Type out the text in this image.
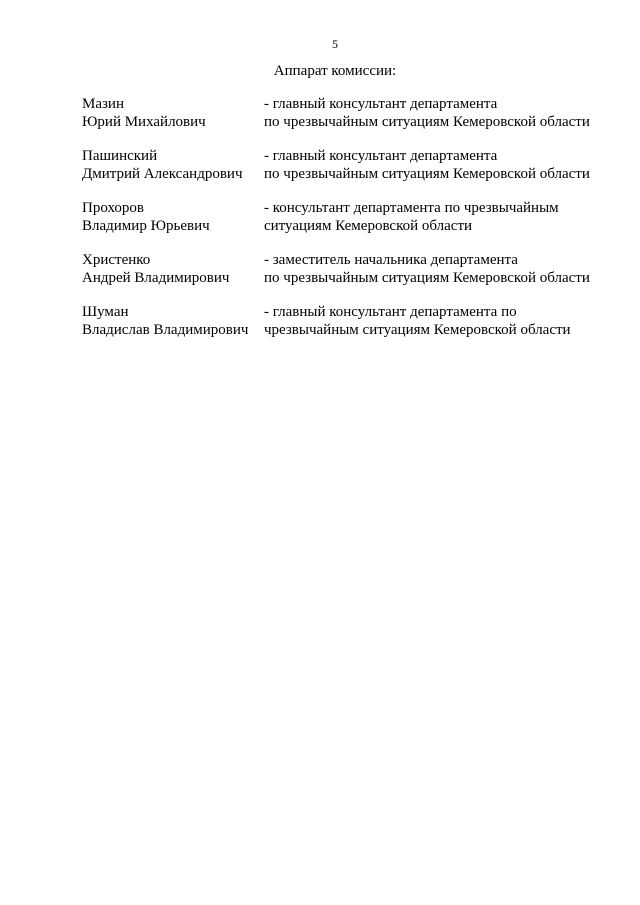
5
Аппарат комиссии:
Мазин
Юрий Михайлович
- главный консультант департамента
по чрезвычайным ситуациям Кемеровской области
Пашинский
Дмитрий Александрович
- главный консультант департамента
по чрезвычайным ситуациям Кемеровской области
Прохоров
Владимир Юрьевич
- консультант департамента по чрезвычайным
ситуациям Кемеровской области
Христенко
Андрей Владимирович
- заместитель начальника департамента
по чрезвычайным ситуациям Кемеровской области
Шуман
Владислав Владимирович
- главный консультант департамента по
чрезвычайным ситуациям Кемеровской области
